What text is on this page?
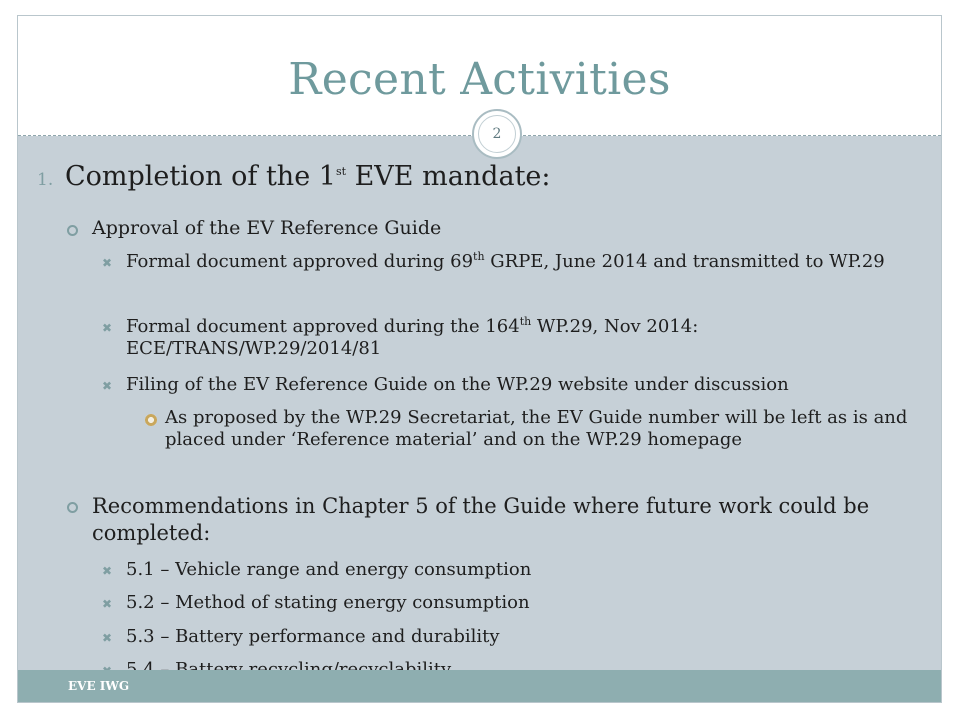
Recent Activities
2
1. Completion of the 1st EVE mandate:
Approval of the EV Reference Guide
✖ Formal document approved during 69th GRPE, June 2014 and transmitted to WP.29
✖ Formal document approved during the 164th WP.29, Nov 2014: ECE/TRANS/WP.29/2014/81
✖ Filing of the EV Reference Guide on the WP.29 website under discussion
As proposed by the WP.29 Secretariat, the EV Guide number will be left as is and placed under ‘Reference material’ and on the WP.29 homepage
Recommendations in Chapter 5 of the Guide where future work could be completed:
✖ 5.1 – Vehicle range and energy consumption
✖ 5.2 – Method of stating energy consumption
✖ 5.3 – Battery performance and durability
EVE IWG
